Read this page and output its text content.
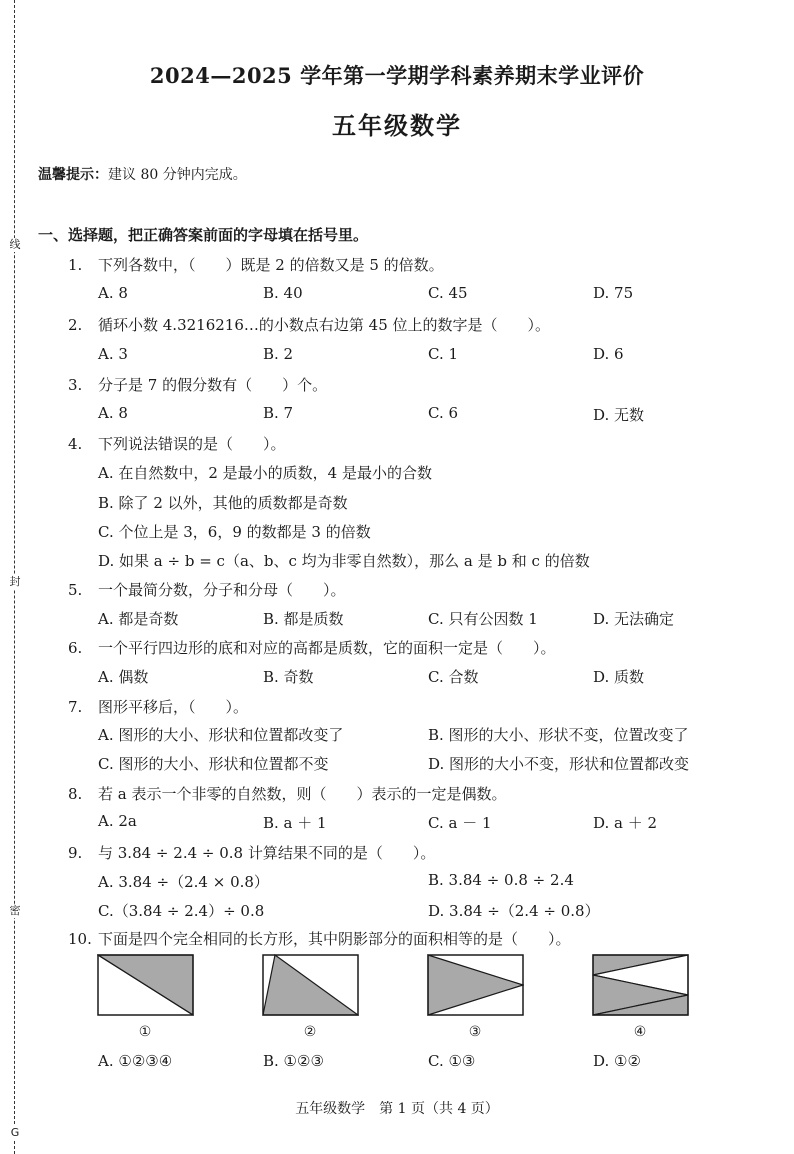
线
封
密
G
2024—2025 学年第一学期学科素养期末学业评价
五年级数学
温馨提示：建议 80 分钟内完成。
一、选择题，把正确答案前面的字母填在括号里。
1. 下列各数中，（　　）既是 2 的倍数又是 5 的倍数。
A. 8	B. 40	C. 45	D. 75
2. 循环小数 4.3216216…的小数点右边第 45 位上的数字是（　　）。
A. 3	B. 2	C. 1	D. 6
3. 分子是 7 的假分数有（　　）个。
A. 8	B. 7	C. 6	D. 无数
4. 下列说法错误的是（　　）。
A. 在自然数中，2 是最小的质数，4 是最小的合数
B. 除了 2 以外，其他的质数都是奇数
C. 个位上是 3，6，9 的数都是 3 的倍数
D. 如果 a ÷ b = c（a、b、c 均为非零自然数），那么 a 是 b 和 c 的倍数
5. 一个最简分数，分子和分母（　　）。
A. 都是奇数	B. 都是质数	C. 只有公因数 1	D. 无法确定
6. 一个平行四边形的底和对应的高都是质数，它的面积一定是（　　）。
A. 偶数	B. 奇数	C. 合数	D. 质数
7. 图形平移后，（　　）。
A. 图形的大小、形状和位置都改变了	B. 图形的大小、形状不变，位置改变了
C. 图形的大小、形状和位置都不变	D. 图形的大小不变，形状和位置都改变
8. 若 a 表示一个非零的自然数，则（　　）表示的一定是偶数。
A. 2a	B. a ＋ 1	C. a － 1	D. a ＋ 2
9. 与 3.84 ÷ 2.4 ÷ 0.8 计算结果不同的是（　　）。
A. 3.84 ÷（2.4 × 0.8）	B. 3.84 ÷ 0.8 ÷ 2.4
C.（3.84 ÷ 2.4）÷ 0.8	D. 3.84 ÷（2.4 ÷ 0.8）
10. 下面是四个完全相同的长方形，其中阴影部分的面积相等的是（　　）。
①	②	③	④
A. ①②③④	B. ①②③	C. ①③	D. ①②
五年级数学　第 1 页（共 4 页）
